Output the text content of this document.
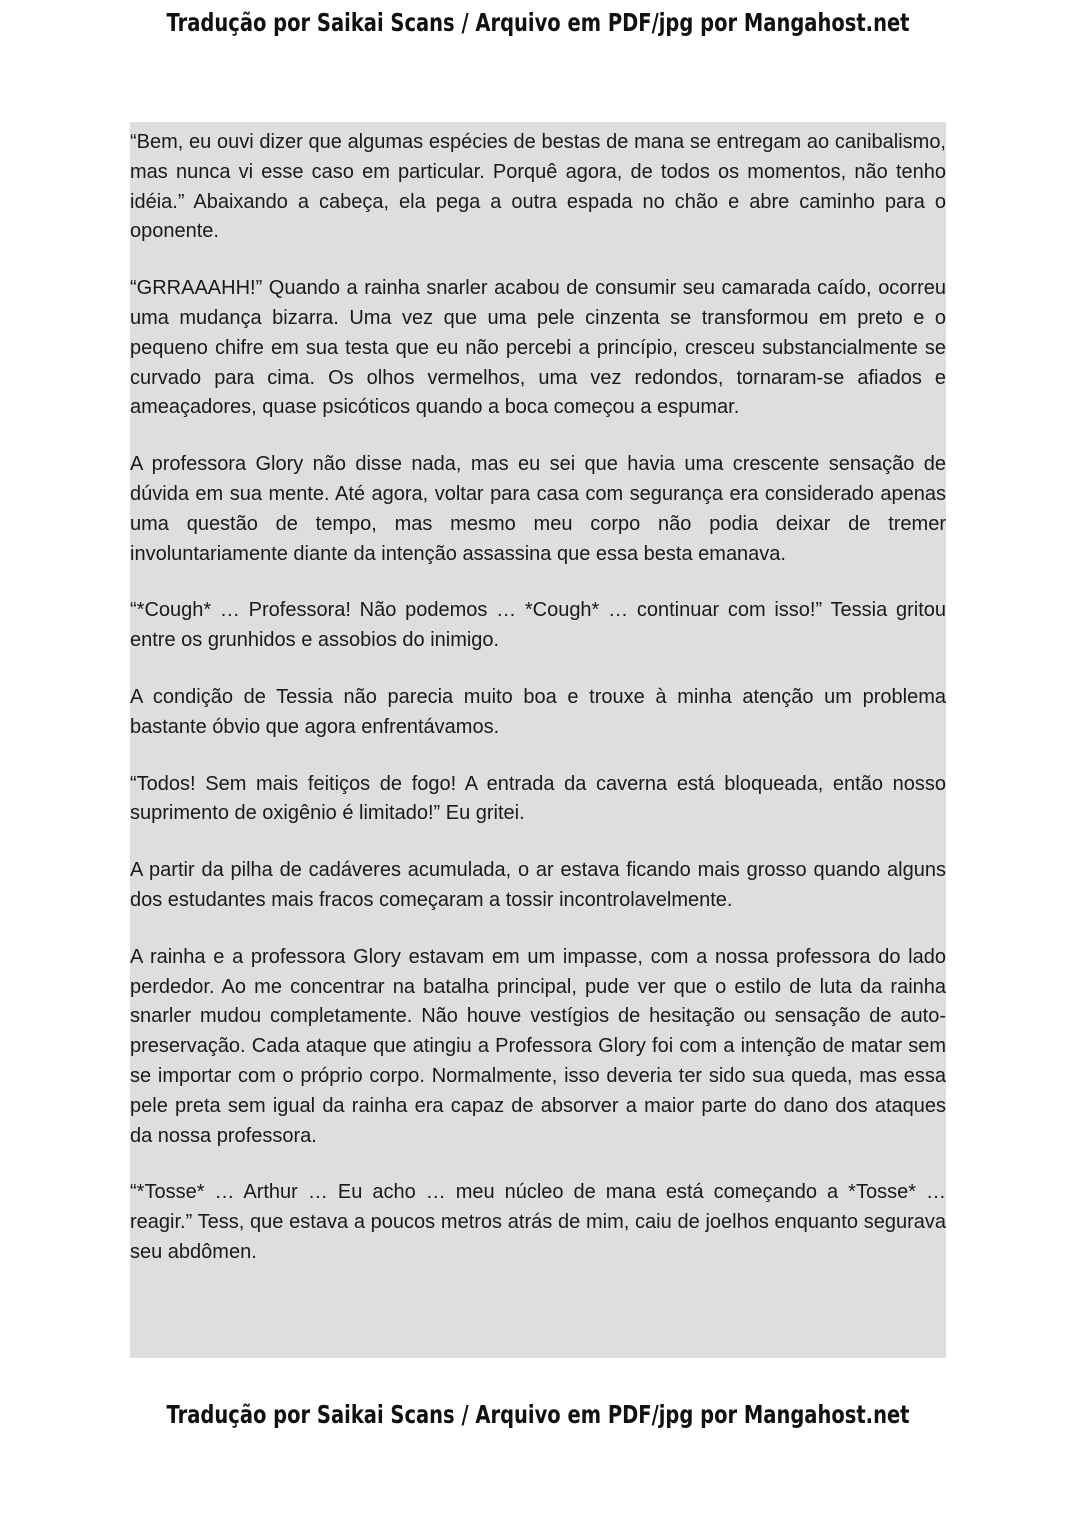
Tradução por Saikai Scans / Arquivo em PDF/jpg por Mangahost.net

“Bem, eu ouvi dizer que algumas espécies de bestas de mana se entregam ao canibalismo, mas nunca vi esse caso em particular. Porquê agora, de todos os momentos, não tenho idéia.” Abaixando a cabeça, ela pega a outra espada no chão e abre caminho para o oponente.

“GRRAAAHH!” Quando a rainha snarler acabou de consumir seu camarada caído, ocorreu uma mudança bizarra. Uma vez que uma pele cinzenta se transformou em preto e o pequeno chifre em sua testa que eu não percebi a princípio, cresceu substancialmente se curvado para cima. Os olhos vermelhos, uma vez redondos, tornaram-se afiados e ameaçadores, quase psicóticos quando a boca começou a espumar.

A professora Glory não disse nada, mas eu sei que havia uma crescente sensação de dúvida em sua mente. Até agora, voltar para casa com segurança era considerado apenas uma questão de tempo, mas mesmo meu corpo não podia deixar de tremer involuntariamente diante da intenção assassina que essa besta emanava.

“*Cough* … Professora! Não podemos … *Cough* … continuar com isso!” Tessia gritou entre os grunhidos e assobios do inimigo.

A condição de Tessia não parecia muito boa e trouxe à minha atenção um problema bastante óbvio que agora enfrentávamos.

“Todos! Sem mais feitiços de fogo! A entrada da caverna está bloqueada, então nosso suprimento de oxigênio é limitado!” Eu gritei.

A partir da pilha de cadáveres acumulada, o ar estava ficando mais grosso quando alguns dos estudantes mais fracos começaram a tossir incontrolavelmente.

A rainha e a professora Glory estavam em um impasse, com a nossa professora do lado perdedor. Ao me concentrar na batalha principal, pude ver que o estilo de luta da rainha snarler mudou completamente. Não houve vestígios de hesitação ou sensação de auto-preservação. Cada ataque que atingiu a Professora Glory foi com a intenção de matar sem se importar com o próprio corpo. Normalmente, isso deveria ter sido sua queda, mas essa pele preta sem igual da rainha era capaz de absorver a maior parte do dano dos ataques da nossa professora.

“*Tosse* … Arthur … Eu acho … meu núcleo de mana está começando a *Tosse* … reagir.” Tess, que estava a poucos metros atrás de mim, caiu de joelhos enquanto segurava seu abdômen.

Tradução por Saikai Scans / Arquivo em PDF/jpg por Mangahost.net
